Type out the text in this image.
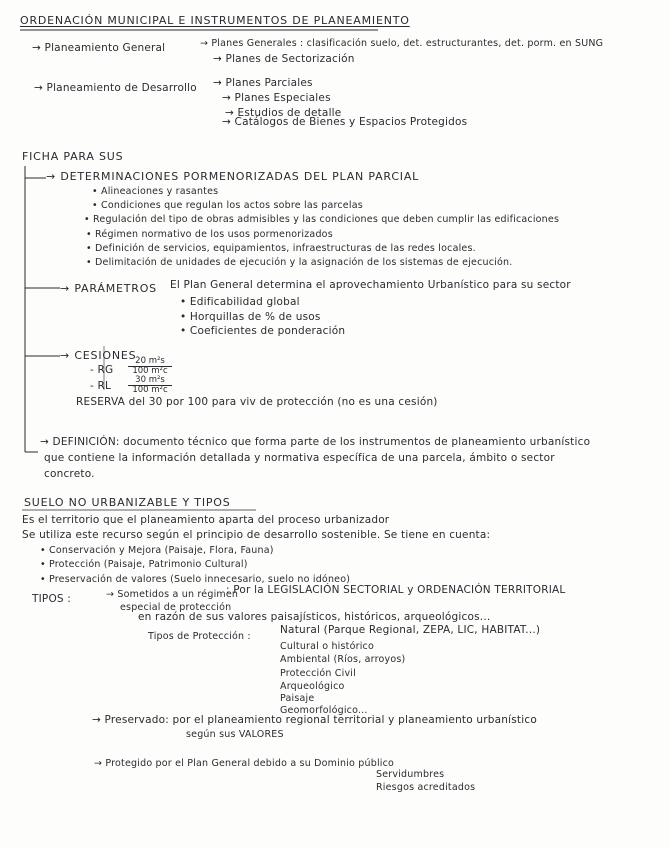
ORDENACIÓN MUNICIPAL E INSTRUMENTOS DE PLANEAMIENTO
→ Planeamiento General	→ Planes Generales : clasificación suelo, det. estructurantes, det. porm. en SUNG
→ Planes de Sectorización
→ Planeamiento de Desarrollo → Planes Parciales
→ Planes Especiales
→ Estudios de detalle
→ Catálogos de Bienes y Espacios Protegidos
FICHA PARA SUS
→ DETERMINACIONES PORMENORIZADAS DEL PLAN PARCIAL
• Alineaciones y rasantes
• Condiciones que regulan los actos sobre las parcelas
• Regulación del tipo de obras admisibles y las condiciones que deben cumplir las edificaciones
• Régimen normativo de los usos pormenorizados
• Definición de servicios, equipamientos, infraestructuras de las redes locales.
• Delimitación de unidades de ejecución y la asignación de los sistemas de ejecución.
→ PARÁMETROS El Plan General determina el aprovechamiento Urbanístico para su sector
• Edificabilidad global
• Horquillas de % de usos
• Coeficientes de ponderación
→ CESIONES
- RG $\frac{\text{20 m²s}}{\text{100 m²c}}$
- RL $\frac{\text{30 m²s}}{\text{100 m²c}}$
RESERVA del 30 por 100 para viv de protección (no es una cesión)
→ DEFINICIÓN: documento técnico que forma parte de los instrumentos de planeamiento urbanístico
que contiene la información detallada y normativa específica de una parcela, ámbito o sector
concreto.
SUELO NO URBANIZABLE Y TIPOS
Es el territorio que el planeamiento aparta del proceso urbanizador
Se utiliza este recurso según el principio de desarrollo sostenible. Se tiene en cuenta:
• Conservación y Mejora (Paisaje, Flora, Fauna)
• Protección (Paisaje, Patrimonio Cultural)
• Preservación de valores (Suelo innecesario, suelo no idóneo)
TIPOS :	→ Sometidos a un régimen
: Por la LEGISLACIÓN SECTORIAL y ORDENACIÓN TERRITORIAL
especial de protección
en razón de sus valores paisajísticos, históricos, arqueológicos...
Tipos de Protección :
Natural (Parque Regional, ZEPA, LIC, HABITAT...)
Cultural o histórico
Ambiental (Ríos, arroyos)
Protección Civil
Arqueológico
Paisaje
Geomorfológico...
→ Preservado: por el planeamiento regional territorial y planeamiento urbanístico
según sus VALORES
→ Protegido por el Plan General debido a su Dominio público
Servidumbres
Riesgos acreditados
